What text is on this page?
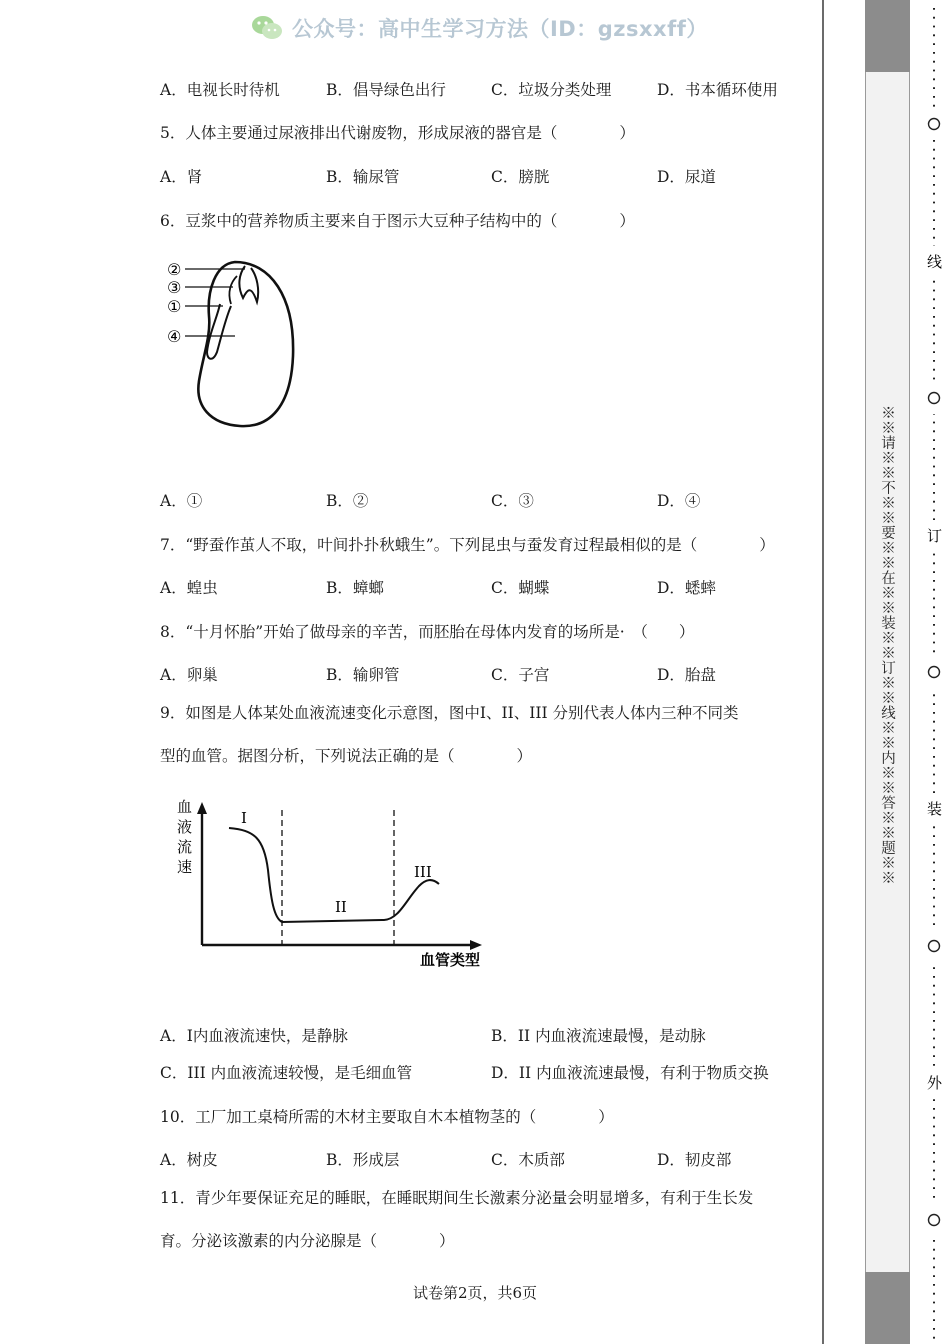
公众号：高中生学习方法（ID：gzsxxff）
A．电视长时待机	B．倡导绿色出行	C．垃圾分类处理	D．书本循环使用
5．人体主要通过尿液排出代谢废物，形成尿液的器官是（　　　　）
A．肾	B．输尿管	C．膀胱	D．尿道
6．豆浆中的营养物质主要来自于图示大豆种子结构中的（　　　　）
②
③
①
④
A．①	B．②	C．③	D．④
7．“野蚕作茧人不取，叶间扑扑秋蛾生”。下列昆虫与蚕发育过程最相似的是（　　　　）
A．蝗虫	B．蟑螂	C．蝴蝶	D．蟋蟀
8．“十月怀胎”开始了做母亲的辛苦，而胚胎在母体内发育的场所是·　（　　）
A．卵巢	B．输卵管	C．子宫	D．胎盘
9．如图是人体某处血液流速变化示意图，图中Ⅰ、II、III 分别代表人体内三种不同类
型的血管。据图分析，下列说法正确的是（　　　　）
血
液
流
速
I
II
III
血管类型
A．Ⅰ内血液流速快，是静脉	B．II 内血液流速最慢，是动脉
C．III 内血液流速较慢，是毛细血管	D．II 内血液流速最慢，有利于物质交换
10．工厂加工桌椅所需的木材主要取自木本植物茎的（　　　　）
A．树皮	B．形成层	C．木质部	D．韧皮部
11．青少年要保证充足的睡眠，在睡眠期间生长激素分泌量会明显增多，有利于生长发
育。分泌该激素的内分泌腺是（　　　　）
试卷第2页，共6页
※※请※※不※※要※※在※※装※※订※※线※※内※※答※※题※※
线
订
装
外
